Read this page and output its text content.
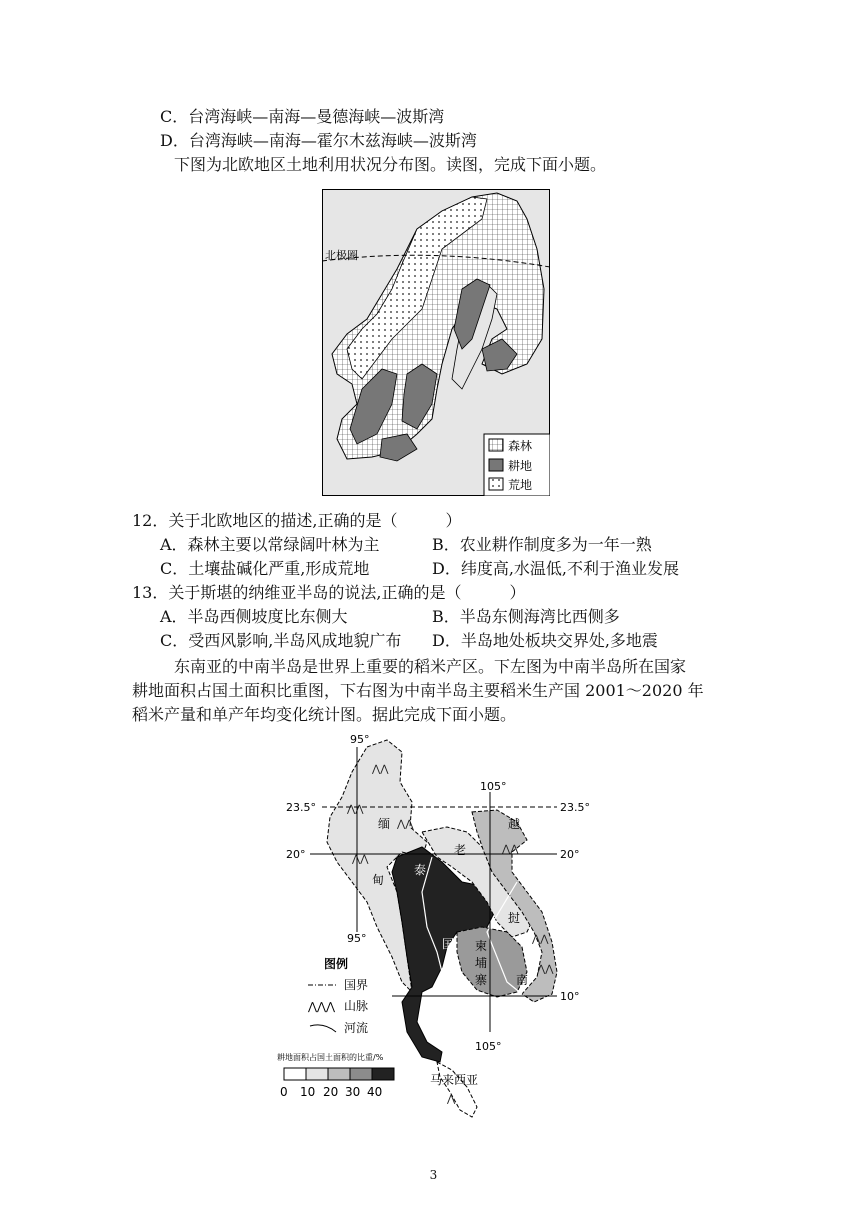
C．台湾海峡—南海—曼德海峡—波斯湾
D．台湾海峡—南海—霍尔木兹海峡—波斯湾
下图为北欧地区土地利用状况分布图。读图，完成下面小题。
北极圈
森林
耕地
荒地
12．关于北欧地区的描述,正确的是（　　　）
A．森林主要以常绿阔叶林为主	B．农业耕作制度多为一年一熟
C．土壤盐碱化严重,形成荒地	D．纬度高,水温低,不利于渔业发展
13．关于斯堪的纳维亚半岛的说法,正确的是（　　　）
A．半岛西侧坡度比东侧大	B．半岛东侧海湾比西侧多
C．受西风影响,半岛风成地貌广布 D．半岛地处板块交界处,多地震
东南亚的中南半岛是世界上重要的稻米产区。下左图为中南半岛所在国家
耕地面积占国土面积比重图，下右图为中南半岛主要稻米生产国 2001～2020 年
稻米产量和单产年均变化统计图。据此完成下面小题。
⋀⋀
⋀⋀
⋀⋀
⋀⋀
⋀⋀
⋀⋀
⋀⋀
⋀
95°
95°
105°
105°
23.5°	23.5°
20°	20°
10°
缅
甸
泰
国
老
越
挝
南
柬
埔
寨
马来西亚
图例
国界
⋀⋀⋀ 山脉
河流
耕地面积占国土面积的比重/%
0 10 20 30 40
3
